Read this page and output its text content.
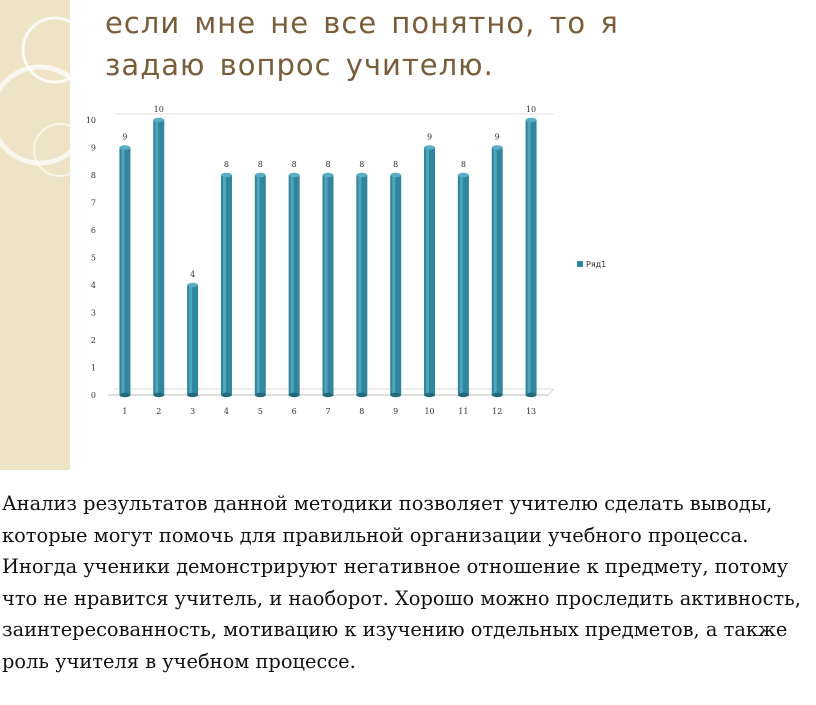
если мне не все понятно, то я задаю вопрос учителю.
0
1
2
3
4
5
6
7
8
9
10
9
1
10
2
4
3
8
4
8
5
8
6
8
7
8
8
8
9
9
10
8
11
9
12
10
13
Ряд1

Анализ результатов данной методики позволяет учителю сделать выводы, которые могут помочь для правильной организации учебного процесса. Иногда ученики демонстрируют негативное отношение к предмету, потому что не нравится учитель, и наоборот. Хорошо можно проследить активность, заинтересованность, мотивацию к изучению отдельных предметов, а также роль учителя в учебном процессе.
